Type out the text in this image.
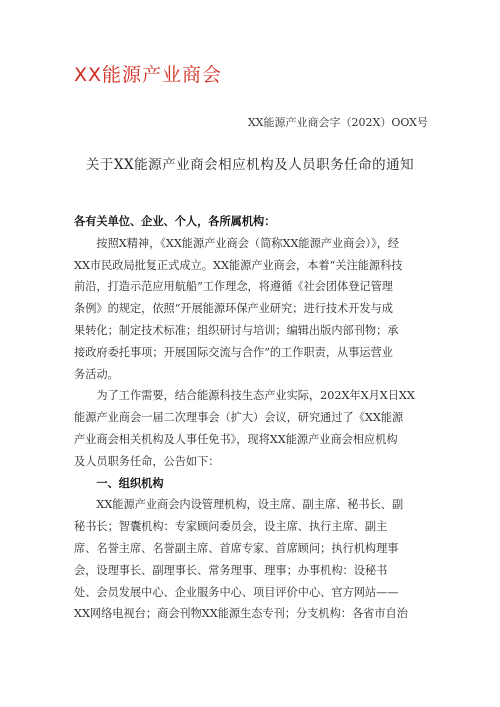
XX能源产业商会
XX能源产业商会字（202X）OOX号
关于XX能源产业商会相应机构及人员职务任命的通知
各有关单位、企业、个人，各所属机构：
　　按照X精神，《XX能源产业商会（简称XX能源产业商会）》，经
XX市民政局批复正式成立。XX能源产业商会，本着“关注能源科技
前沿，打造示范应用航船”工作理念，将遵循《社会团体登记管理
条例》的规定，依照“开展能源环保产业研究；进行技术开发与成
果转化；制定技术标准；组织研讨与培训；编辑出版内部刊物；承
接政府委托事项；开展国际交流与合作”的工作职责，从事运营业
务活动。
　　为了工作需要，结合能源科技生态产业实际，202X年X月X日XX
能源产业商会一届二次理事会（扩大）会议，研究通过了《XX能源
产业商会相关机构及人事任免书》，现将XX能源产业商会相应机构
及人员职务任命，公告如下：
　　一、组织机构
　　XX能源产业商会内设管理机构，设主席、副主席、秘书长、副
秘书长；智囊机构：专家顾问委员会，设主席、执行主席、副主
席、名誉主席、名誉副主席、首席专家、首席顾问；执行机构理事
会，设理事长、副理事长、常务理事、理事；办事机构：设秘书
处、会员发展中心、企业服务中心、项目评价中心、官方网站——
XX网络电视台；商会刊物XX能源生态专刊；分支机构：各省市自治
